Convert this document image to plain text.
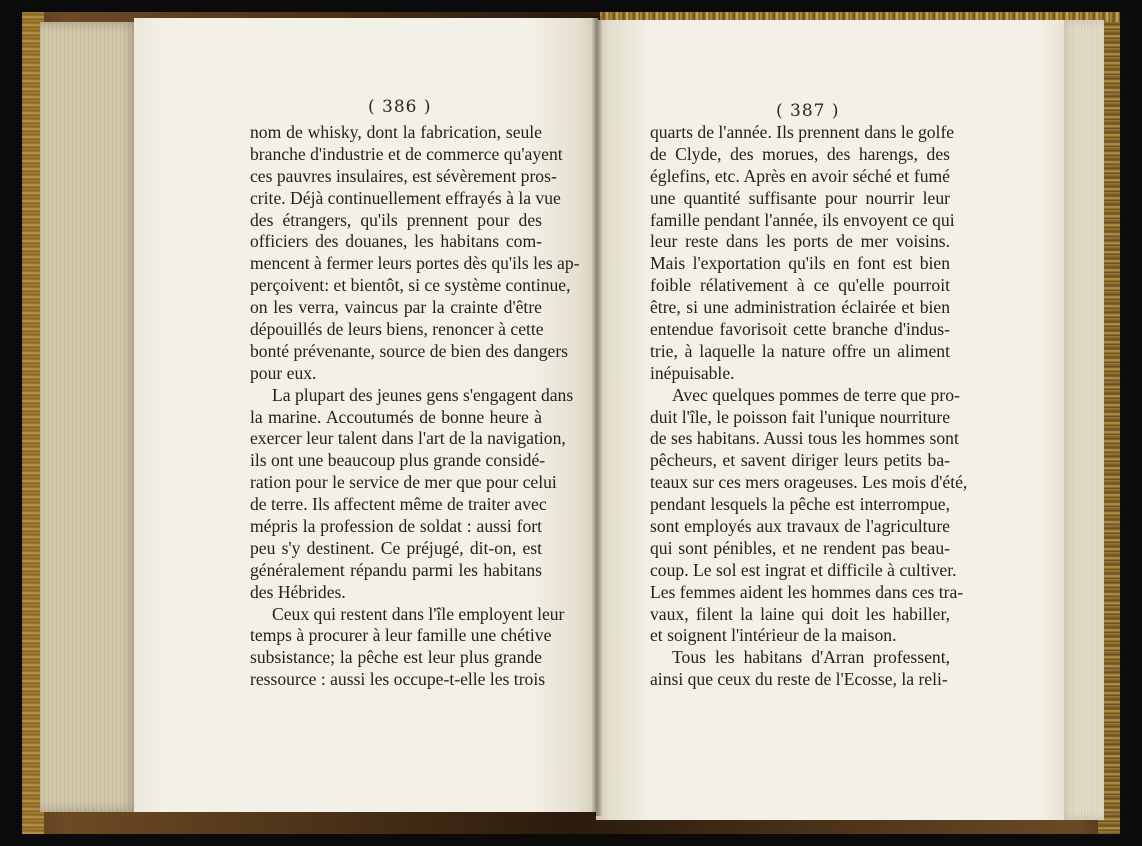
( 386 )	( 387 )
nom de whisky, dont la fabrication, seule
branche d'industrie et de commerce qu'ayent
ces pauvres insulaires, est sévèrement pros-
crite. Déjà continuellement effrayés à la vue
des étrangers, qu'ils prennent pour des
officiers des douanes, les habitans com-
mencent à fermer leurs portes dès qu'ils les ap-
perçoivent: et bientôt, si ce système continue,
on les verra, vaincus par la crainte d'être
dépouillés de leurs biens, renoncer à cette
bonté prévenante, source de bien des dangers
pour eux.
La plupart des jeunes gens s'engagent dans
la marine. Accoutumés de bonne heure à
exercer leur talent dans l'art de la navigation,
ils ont une beaucoup plus grande considé-
ration pour le service de mer que pour celui
de terre. Ils affectent même de traiter avec
mépris la profession de soldat : aussi fort
peu s'y destinent. Ce préjugé, dit-on, est
généralement répandu parmi les habitans
des Hébrides.
Ceux qui restent dans l'île employent leur
temps à procurer à leur famille une chétive
subsistance; la pêche est leur plus grande
ressource : aussi les occupe-t-elle les trois
quarts de l'année. Ils prennent dans le golfe
de Clyde, des morues, des harengs, des
églefins, etc. Après en avoir séché et fumé
une quantité suffisante pour nourrir leur
famille pendant l'année, ils envoyent ce qui
leur reste dans les ports de mer voisins.
Mais l'exportation qu'ils en font est bien
foible rélativement à ce qu'elle pourroit
être, si une administration éclairée et bien
entendue favorisoit cette branche d'indus-
trie, à laquelle la nature offre un aliment
inépuisable.
Avec quelques pommes de terre que pro-
duit l'île, le poisson fait l'unique nourriture
de ses habitans. Aussi tous les hommes sont
pêcheurs, et savent diriger leurs petits ba-
teaux sur ces mers orageuses. Les mois d'été,
pendant lesquels la pêche est interrompue,
sont employés aux travaux de l'agriculture
qui sont pénibles, et ne rendent pas beau-
coup. Le sol est ingrat et difficile à cultiver.
Les femmes aident les hommes dans ces tra-
vaux, filent la laine qui doit les habiller,
et soignent l'intérieur de la maison.
Tous les habitans d'Arran professent,
ainsi que ceux du reste de l'Ecosse, la reli-
